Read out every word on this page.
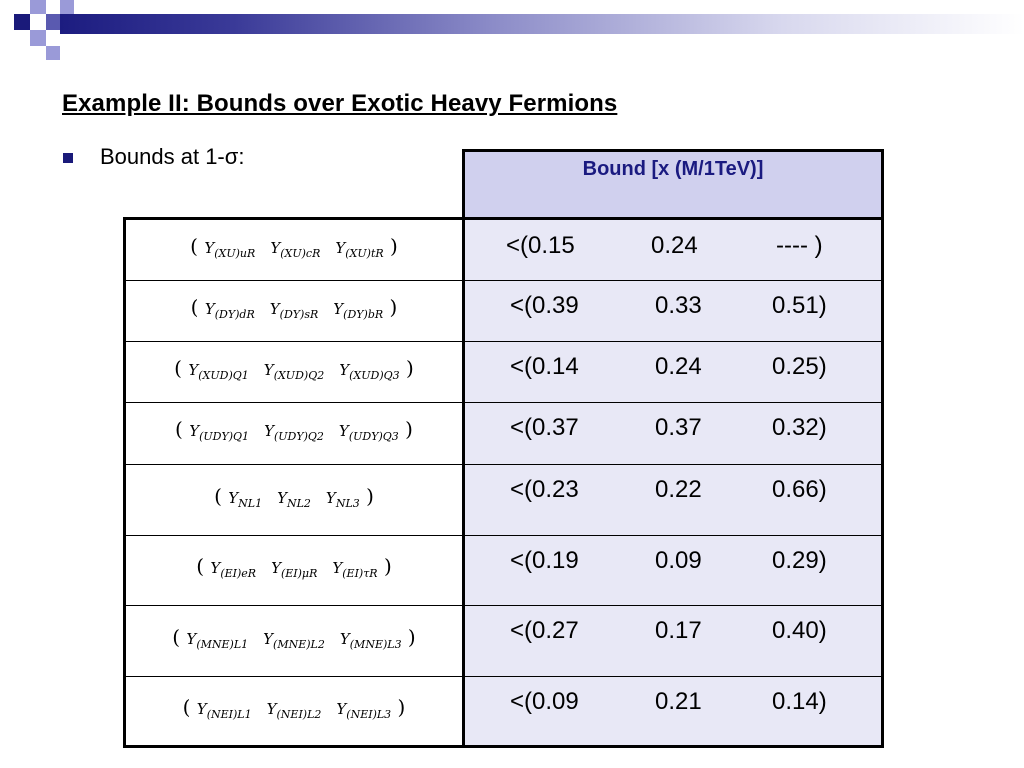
Example II: Bounds over Exotic Heavy Fermions
Bounds at 1-σ:	Bound [x (M/1TeV)]
( $Y_{(XU)uR}$  $Y_{(XU)cR}$  $Y_{(XU)tR}$ )	<(0.15	0.24	---- )
( $Y_{(DY)dR}$  $Y_{(DY)sR}$  $Y_{(DY)bR}$ )	<(0.39	0.33	0.51)
( $Y_{(XUD)Q1}$  $Y_{(XUD)Q2}$  $Y_{(XUD)Q3}$ )	<(0.14	0.24	0.25)
( $Y_{(UDY)Q1}$  $Y_{(UDY)Q2}$  $Y_{(UDY)Q3}$ )	<(0.37	0.37	0.32)
( $Y_{NL1}$  $Y_{NL2}$  $Y_{NL3}$ )	<(0.23	0.22	0.66)
( $Y_{(EI)eR}$  $Y_{(EI)\mu R}$  $Y_{(EI)\tau R}$ )	<(0.19	0.09	0.29)
( $Y_{(MNE)L1}$  $Y_{(MNE)L2}$  $Y_{(MNE)L3}$ )	<(0.27	0.17	0.40)
( $Y_{(NEI)L1}$  $Y_{(NEI)L2}$  $Y_{(NEI)L3}$ )	<(0.09	0.21	0.14)
